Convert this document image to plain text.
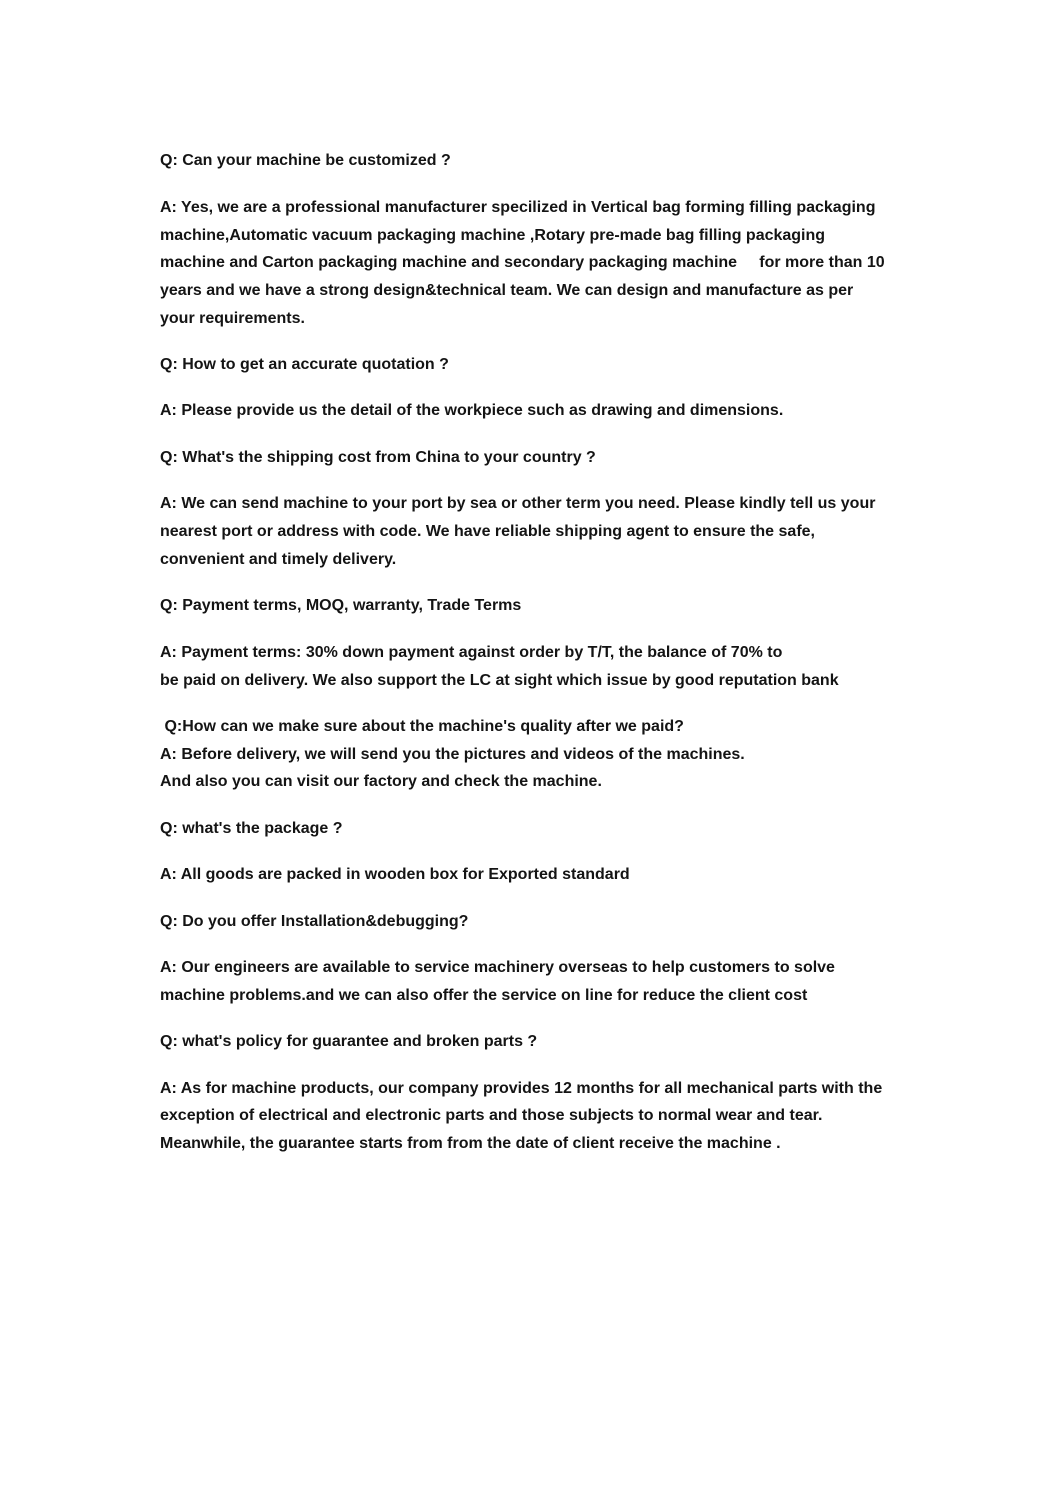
Q: Can your machine be customized ?

A: Yes, we are a professional manufacturer specilized in Vertical bag forming filling packaging

machine,Automatic vacuum packaging machine ,Rotary pre-made bag filling packaging

machine and Carton packaging machine and secondary packaging machine     for more than 10

years and we have a strong design&technical team. We can design and manufacture as per

your requirements.

Q: How to get an accurate quotation ?

A: Please provide us the detail of the workpiece such as drawing and dimensions.

Q: What's the shipping cost from China to your country ?

A: We can send machine to your port by sea or other term you need. Please kindly tell us your

nearest port or address with code. We have reliable shipping agent to ensure the safe,

convenient and timely delivery.

Q: Payment terms, MOQ, warranty, Trade Terms

A: Payment terms: 30% down payment against order by T/T, the balance of 70% to

be paid on delivery. We also support the LC at sight which issue by good reputation bank

Q:How can we make sure about the machine's quality after we paid?

A: Before delivery, we will send you the pictures and videos of the machines.

And also you can visit our factory and check the machine.

Q: what's the package ?

A: All goods are packed in wooden box for Exported standard

Q: Do you offer Installation&debugging?

A: Our engineers are available to service machinery overseas to help customers to solve

machine problems.and we can also offer the service on line for reduce the client cost

Q: what's policy for guarantee and broken parts ?

A: As for machine products, our company provides 12 months for all mechanical parts with the

exception of electrical and electronic parts and those subjects to normal wear and tear.

Meanwhile, the guarantee starts from from the date of client receive the machine .
